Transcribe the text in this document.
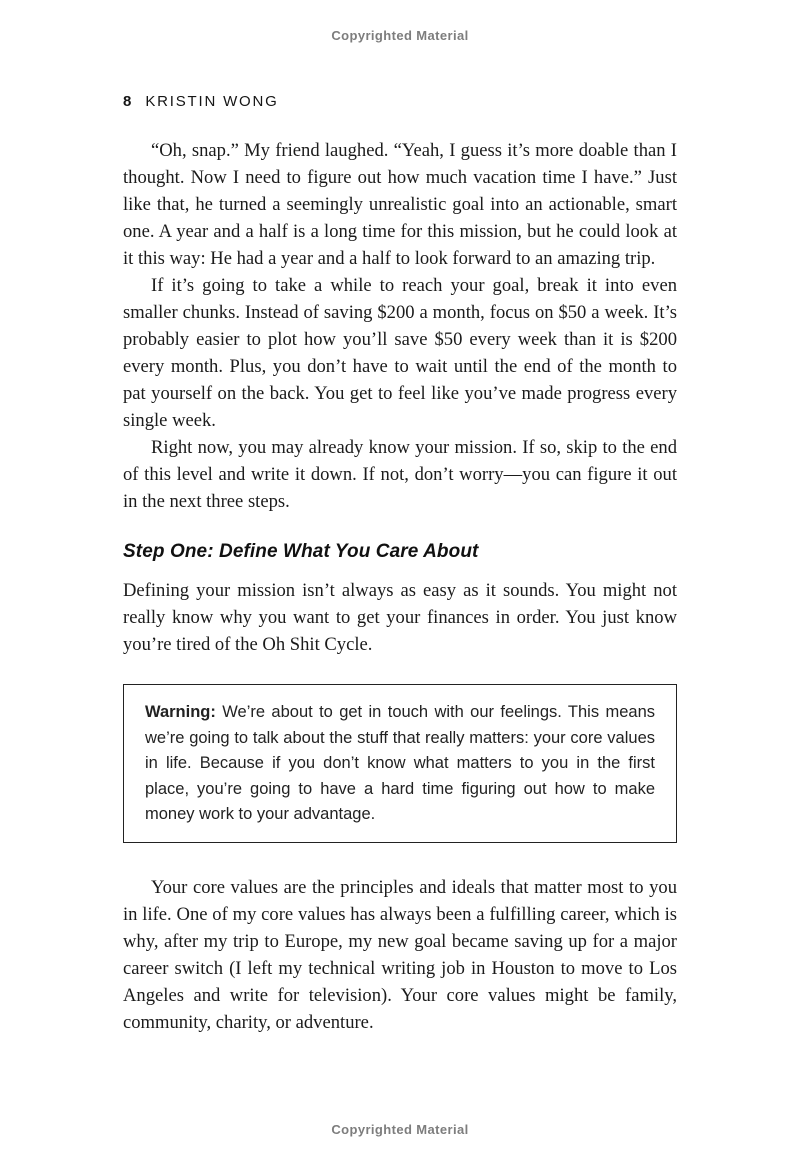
Copyrighted Material
8 KRISTIN WONG

“Oh, snap.” My friend laughed. “Yeah, I guess it’s more doable than I thought. Now I need to figure out how much vacation time I have.” Just like that, he turned a seemingly unrealistic goal into an actionable, smart one. A year and a half is a long time for this mission, but he could look at it this way: He had a year and a half to look forward to an amazing trip.

If it’s going to take a while to reach your goal, break it into even smaller chunks. Instead of saving $200 a month, focus on $50 a week. It’s probably easier to plot how you’ll save $50 every week than it is $200 every month. Plus, you don’t have to wait until the end of the month to pat yourself on the back. You get to feel like you’ve made progress every single week.

Right now, you may already know your mission. If so, skip to the end of this level and write it down. If not, don’t worry—you can figure it out in the next three steps.

Step One: Define What You Care About

Defining your mission isn’t always as easy as it sounds. You might not really know why you want to get your finances in order. You just know you’re tired of the Oh Shit Cycle.

Warning: We’re about to get in touch with our feelings. This means we’re going to talk about the stuff that really matters: your core values in life. Because if you don’t know what matters to you in the first place, you’re going to have a hard time figuring out how to make money work to your advantage.

Your core values are the principles and ideals that matter most to you in life. One of my core values has always been a fulfilling career, which is why, after my trip to Europe, my new goal became saving up for a major career switch (I left my technical writing job in Houston to move to Los Angeles and write for television). Your core values might be family, community, charity, or adventure.

Copyrighted Material
